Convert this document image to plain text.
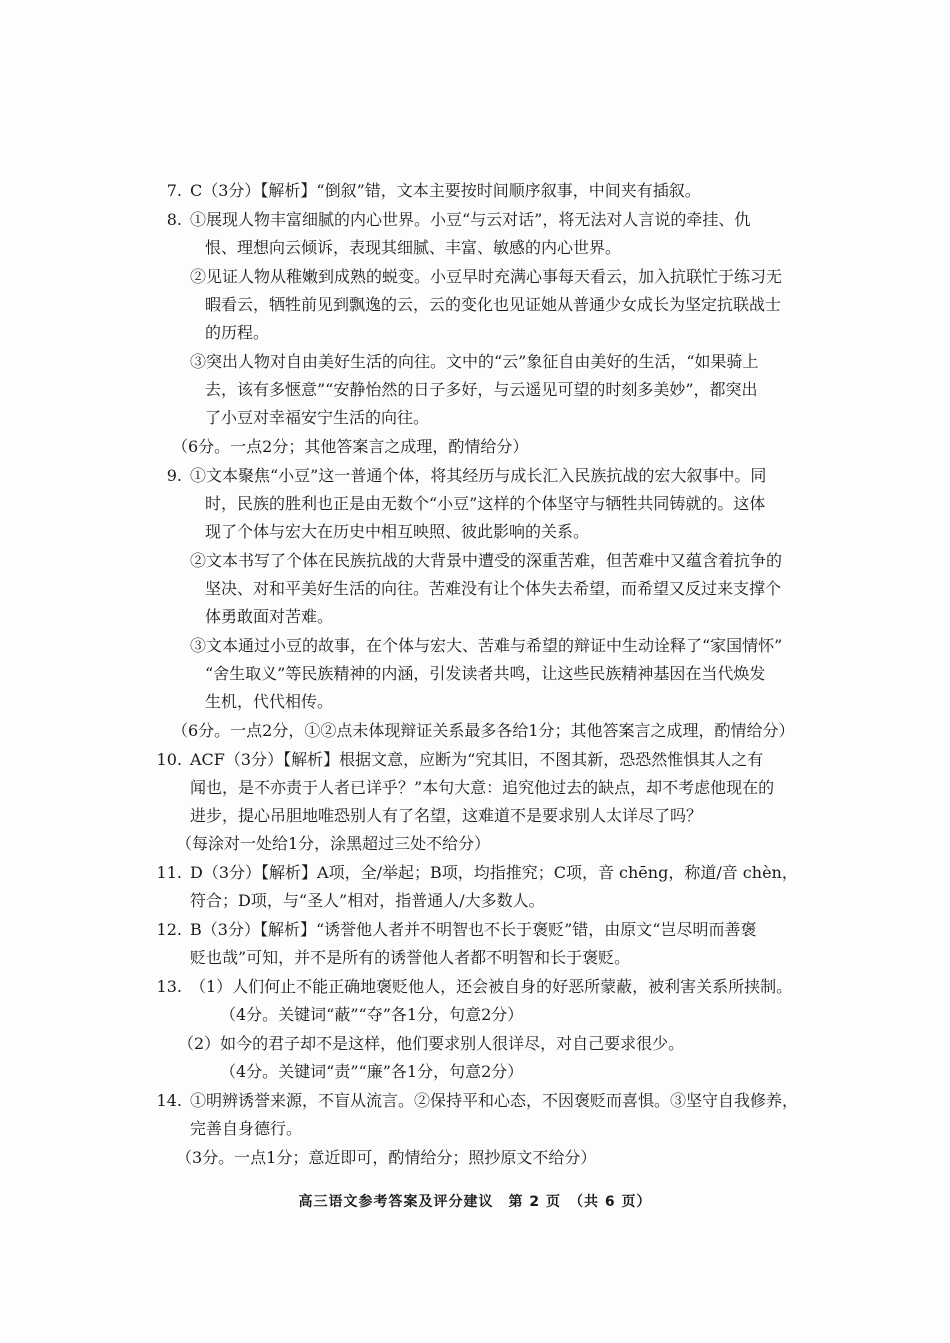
7. C（3分）【解析】“倒叙”错，文本主要按时间顺序叙事，中间夹有插叙。
8. ①展现人物丰富细腻的内心世界。小豆“与云对话”，将无法对人言说的牵挂、仇
恨、理想向云倾诉，表现其细腻、丰富、敏感的内心世界。
②见证人物从稚嫩到成熟的蜕变。小豆早时充满心事每天看云，加入抗联忙于练习无
暇看云，牺牲前见到飘逸的云，云的变化也见证她从普通少女成长为坚定抗联战士
的历程。
③突出人物对自由美好生活的向往。文中的“云”象征自由美好的生活，“如果骑上
去，该有多惬意”“安静怡然的日子多好，与云遥见可望的时刻多美妙”，都突出
了小豆对幸福安宁生活的向往。
（6分。一点2分；其他答案言之成理，酌情给分）
9. ①文本聚焦“小豆”这一普通个体，将其经历与成长汇入民族抗战的宏大叙事中。同
时，民族的胜利也正是由无数个“小豆”这样的个体坚守与牺牲共同铸就的。这体
现了个体与宏大在历史中相互映照、彼此影响的关系。
②文本书写了个体在民族抗战的大背景中遭受的深重苦难，但苦难中又蕴含着抗争的
坚决、对和平美好生活的向往。苦难没有让个体失去希望，而希望又反过来支撑个
体勇敢面对苦难。
③文本通过小豆的故事，在个体与宏大、苦难与希望的辩证中生动诠释了“家国情怀”
“舍生取义”等民族精神的内涵，引发读者共鸣，让这些民族精神基因在当代焕发
生机，代代相传。
（6分。一点2分，①②点未体现辩证关系最多各给1分；其他答案言之成理，酌情给分）
10. ACF（3分）【解析】根据文意，应断为“究其旧，不图其新，恐恐然惟惧其人之有
闻也，是不亦责于人者已详乎？”本句大意：追究他过去的缺点，却不考虑他现在的
进步，提心吊胆地唯恐别人有了名望，这难道不是要求别人太详尽了吗？
（每涂对一处给1分，涂黑超过三处不给分）
11. D（3分）【解析】A项，全/举起；B项，均指推究；C项，音 chēng，称道/音 chèn，
符合；D项，与“圣人”相对，指普通人/大多数人。
12. B（3分）【解析】“诱誉他人者并不明智也不长于褒贬”错，由原文“岂尽明而善褒
贬也哉”可知，并不是所有的诱誉他人者都不明智和长于褒贬。
13. （1）人们何止不能正确地褒贬他人，还会被自身的好恶所蒙蔽，被利害关系所挟制。
（4分。关键词“蔽”“夺”各1分，句意2分）
（2）如今的君子却不是这样，他们要求别人很详尽，对自己要求很少。
（4分。关键词“责”“廉”各1分，句意2分）
14. ①明辨诱誉来源，不盲从流言。②保持平和心态，不因褒贬而喜惧。③坚守自我修养，
完善自身德行。
（3分。一点1分；意近即可，酌情给分；照抄原文不给分）
高三语文参考答案及评分建议　第 2 页　（共 6 页）
